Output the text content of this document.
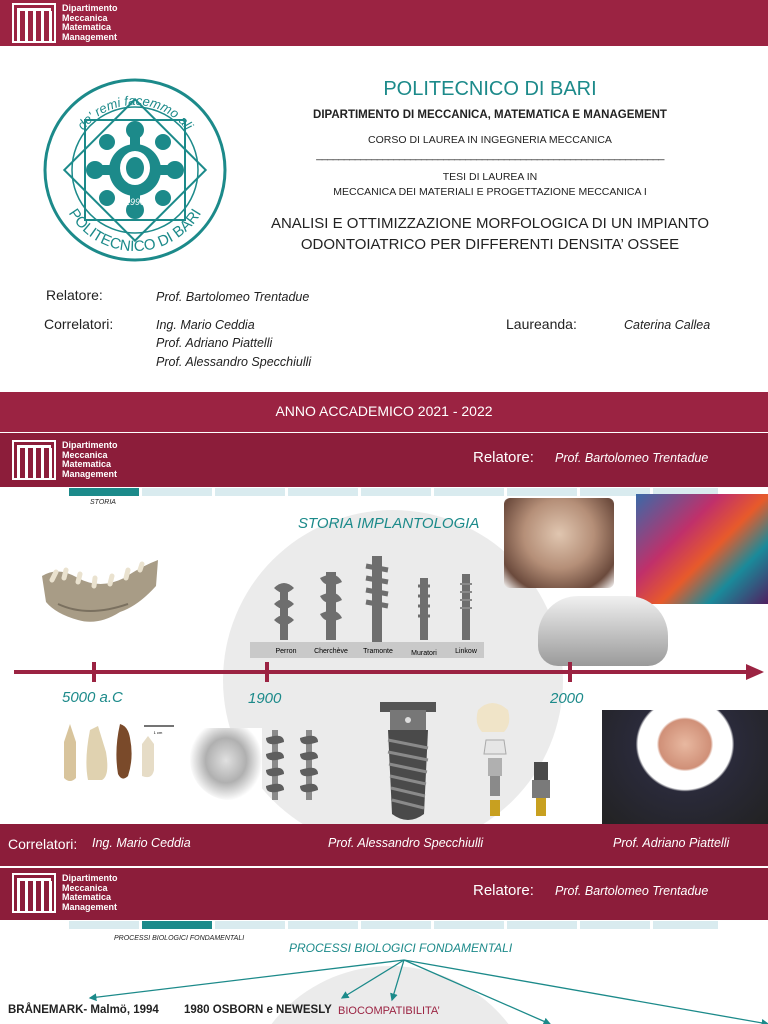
Dipartimento
Meccanica
Matematica
Management
de' remi facemmo ali
POLITECNICO DI BARI
1990
POLITECNICO DI BARI
DIPARTIMENTO DI MECCANICA, MATEMATICA E MANAGEMENT
CORSO DI LAUREA IN INGEGNERIA MECCANICA
_______________________________________________________________
TESI DI LAUREA IN
MECCANICA DEI MATERIALI E PROGETTAZIONE MECCANICA I
ANALISI E OTTIMIZZAZIONE MORFOLOGICA DI UN IMPIANTO
ODONTOIATRICO PER DIFFERENTI DENSITA’ OSSEE
Relatore:	Prof. Bartolomeo Trentadue
Correlatori:	Ing. Mario Ceddia
Prof. Adriano Piattelli
Prof. Alessandro Specchiulli
Laureanda:	Caterina Callea
ANNO ACCADEMICO 2021 - 2022
Dipartimento
Meccanica
Matematica
Management
Relatore: Prof. Bartolomeo Trentadue
STORIA
STORIA IMPLANTOLOGIA
Perron	Cherchève Tramonte	Muratori	Linkow
5000 a.C	1900	2000
1 cm
Correlatori: Ing. Mario Ceddia	Prof. Alessandro Specchiulli	Prof. Adriano Piattelli
Dipartimento
Meccanica
Matematica
Management
Relatore: Prof. Bartolomeo Trentadue
PROCESSI BIOLOGICI FONDAMENTALI
PROCESSI BIOLOGICI FONDAMENTALI
BRÅNEMARK- Malmö, 1994 1980 OSBORN e NEWESLY BIOCOMPATIBILITA’
